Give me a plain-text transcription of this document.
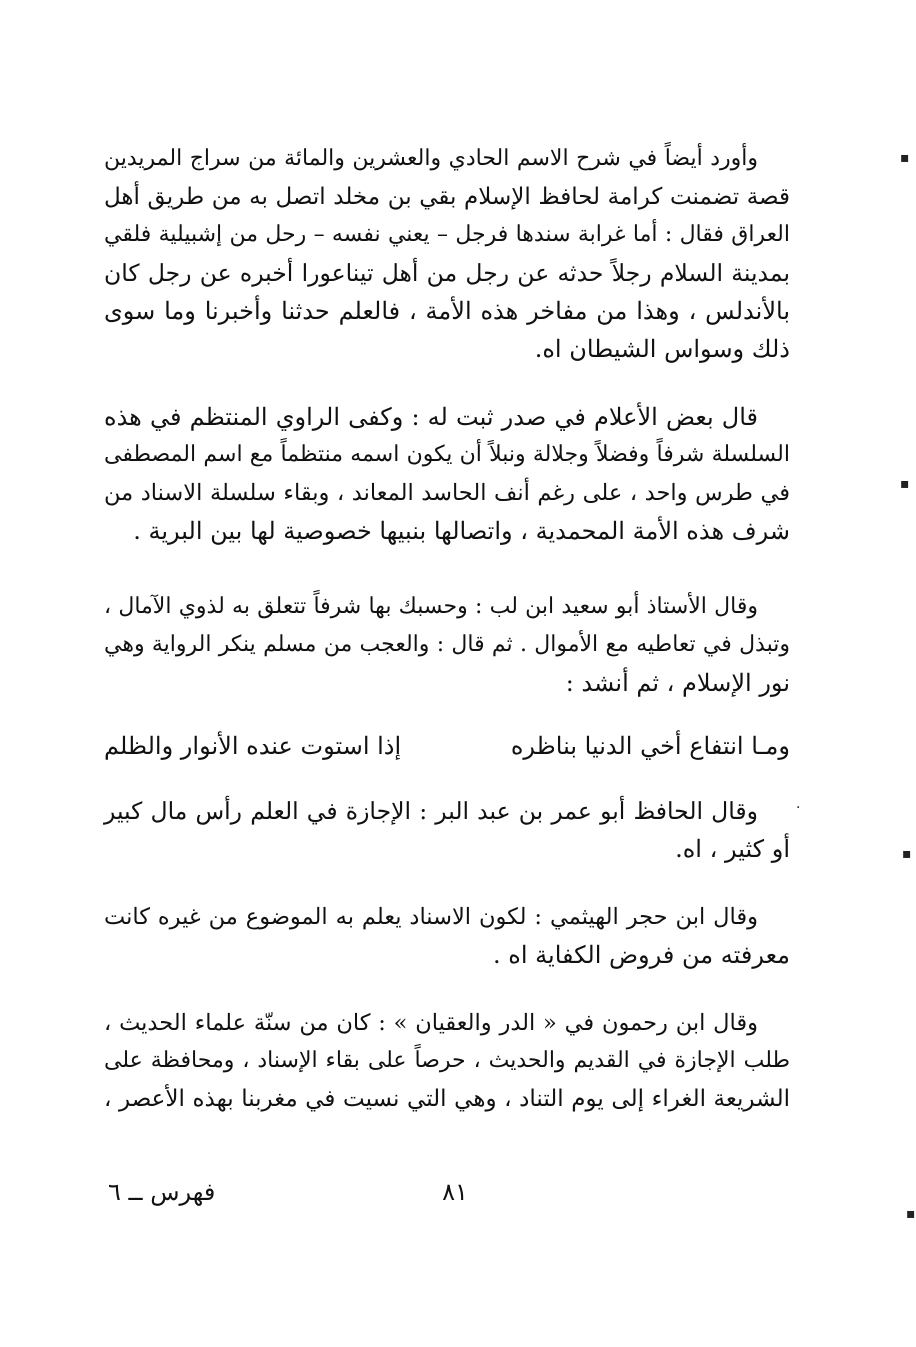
وأورد أيضاً في شرح الاسم الحادي والعشرين والمائة من سراج المريدين
قصة تضمنت كرامة لحافظ الإسلام بقي بن مخلد اتصل به من طريق أهل
العراق فقال : أما غرابة سندها فرجل – يعني نفسه – رحل من إشبيلية فلقي
بمدينة السلام رجلاً حدثه عن رجل من أهل تيناعورا أخبره عن رجل كان
بالأندلس ، وهذا من مفاخر هذه الأمة ، فالعلم حدثنا وأخبرنا وما سوى
ذلك وسواس الشيطان اه.
قال بعض الأعلام في صدر ثبت له : وكفى الراوي المنتظم في هذه
السلسلة شرفاً وفضلاً وجلالة ونبلاً أن يكون اسمه منتظماً مع اسم المصطفى
في طرس واحد ، على رغم أنف الحاسد المعاند ، وبقاء سلسلة الاسناد من
شرف هذه الأمة المحمدية ، واتصالها بنبيها خصوصية لها بين البرية .
وقال الأستاذ أبو سعيد ابن لب : وحسبك بها شرفاً تتعلق به لذوي الآمال ،
وتبذل في تعاطيه مع الأموال . ثم قال : والعجب من مسلم ينكر الرواية وهي
نور الإسلام ، ثم أنشد :
ومـا انتفاع أخي الدنيا بناظره
إذا استوت عنده الأنوار والظلم
وقال الحافظ أبو عمر بن عبد البر : الإجازة في العلم رأس مال كبير
أو كثير ، اه.
وقال ابن حجر الهيثمي : لكون الاسناد يعلم به الموضوع من غيره كانت
معرفته من فروض الكفاية اه .
وقال ابن رحمون في « الدر والعقيان » : كان من سنّة علماء الحديث ،
طلب الإجازة في القديم والحديث ، حرصاً على بقاء الإسناد ، ومحافظة على
الشريعة الغراء إلى يوم التناد ، وهي التي نسيت في مغربنا بهذه الأعصر ،
٨١
فهرس ــ ٦
▪
▪
▪
·
▪
